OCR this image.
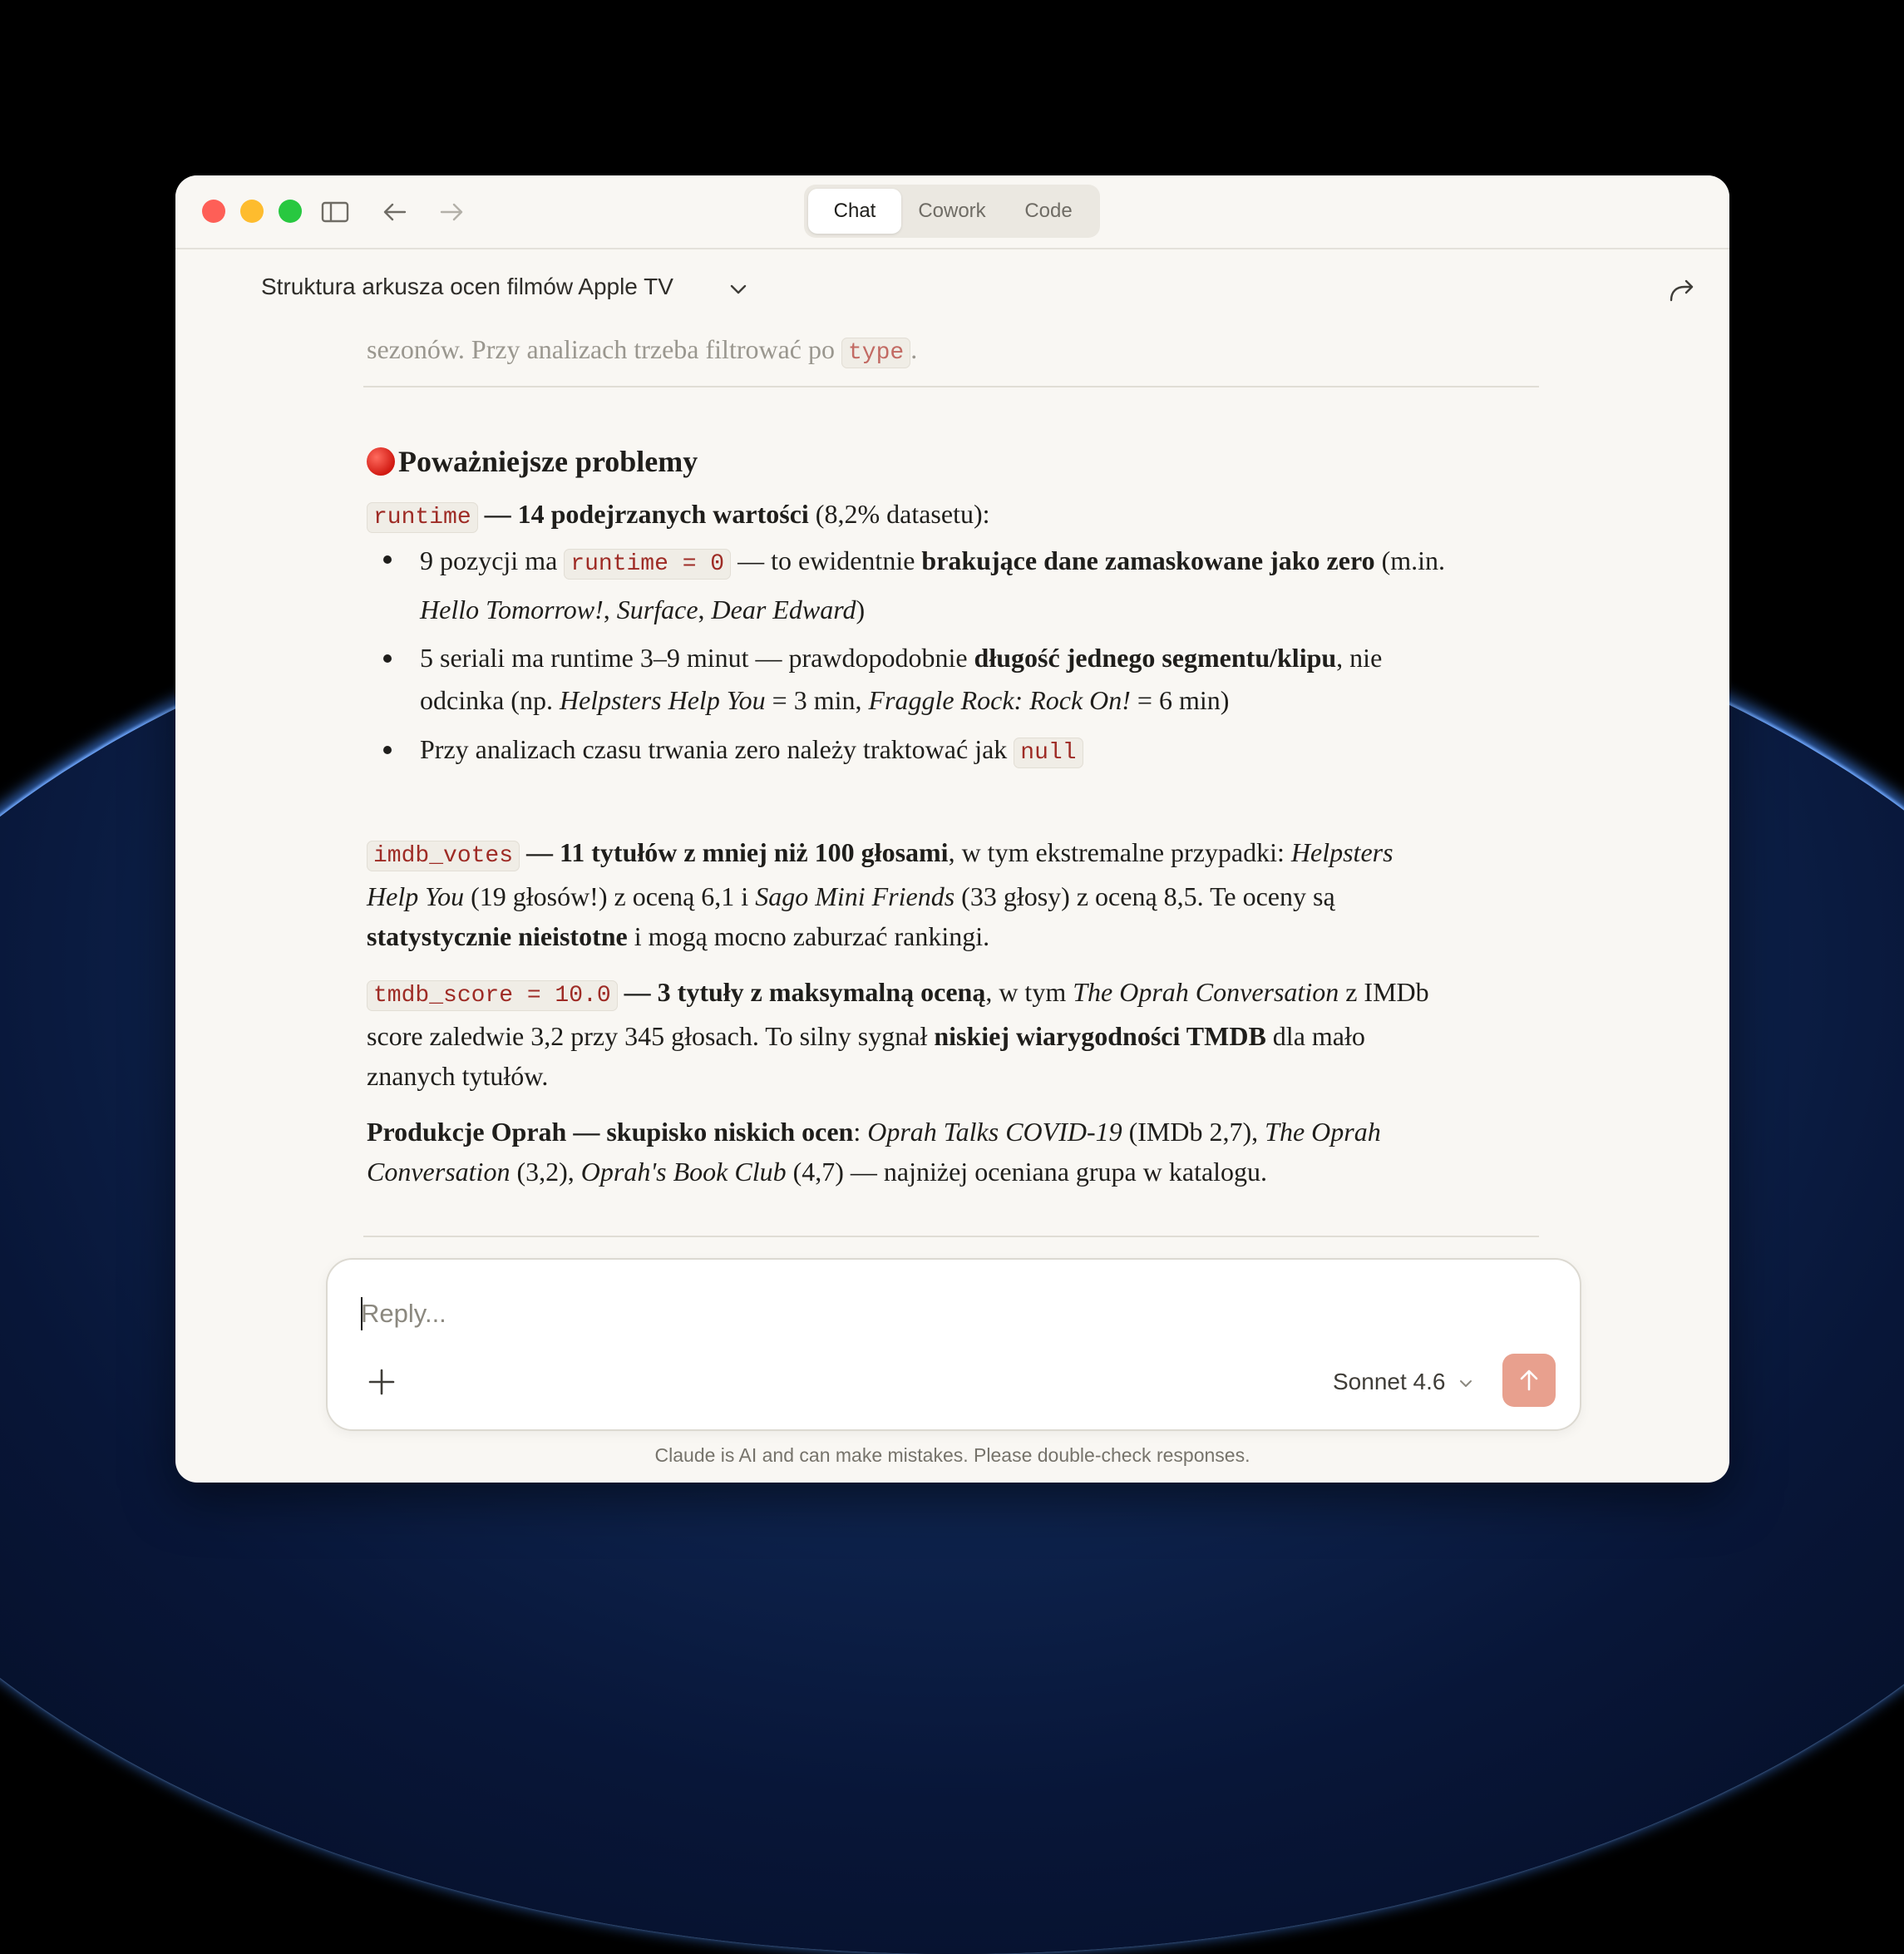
Chat	Cowork	Code
Struktura arkusza ocen filmów Apple TV
sezonów. Przy analizach trzeba filtrować po type .
Poważniejsze problemy

runtime — 14 podejrzanych wartości (8,2% datasetu):

9 pozycji ma runtime = 0 — to ewidentnie brakujące dane zamaskowane jako zero (m.in. Hello Tomorrow!, Surface, Dear Edward)
5 seriali ma runtime 3–9 minut — prawdopodobnie długość jednego segmentu/klipu, nie odcinka (np. Helpsters Help You = 3 min, Fraggle Rock: Rock On! = 6 min)
Przy analizach czasu trwania zero należy traktować jak null

imdb_votes — 11 tytułów z mniej niż 100 głosami, w tym ekstremalne przypadki: Helpsters Help You (19 głosów!) z oceną 6,1 i Sago Mini Friends (33 głosy) z oceną 8,5. Te oceny są statystycznie nieistotne i mogą mocno zaburzać rankingi.

tmdb_score = 10.0 — 3 tytuły z maksymalną oceną, w tym The Oprah Conversation z IMDb score zaledwie 3,2 przy 345 głosach. To silny sygnał niskiej wiarygodności TMDB dla mało znanych tytułów.

Produkcje Oprah — skupisko niskich ocen: Oprah Talks COVID-19 (IMDb 2,7), The Oprah Conversation (3,2), Oprah's Book Club (4,7) — najniżej oceniana grupa w katalogu.

Reply...
Sonnet 4.6
Claude is AI and can make mistakes. Please double-check responses.
